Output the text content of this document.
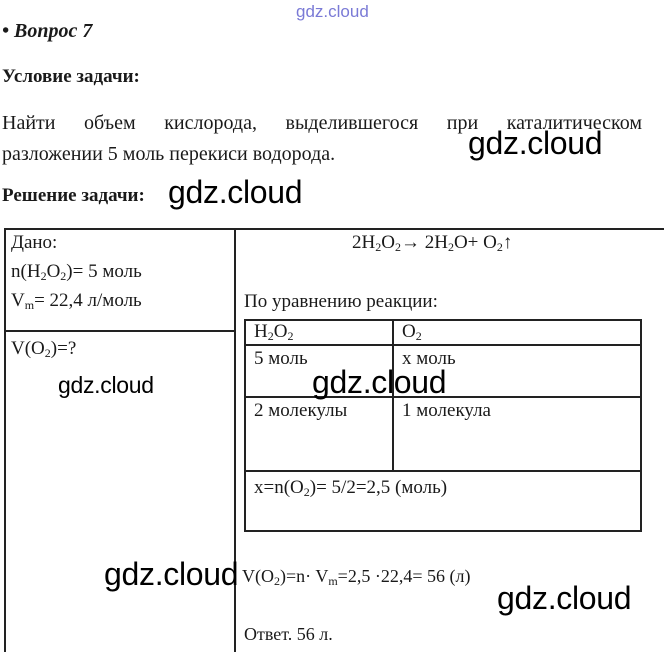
gdz.cloud
• Вопрос 7
Условие задачи:
Найти объем кислорода, выделившегося при каталитическом
разложении 5 моль перекиси водорода.	gdz.cloud
Решение задачи: gdz.cloud
Дано:
$n(H_2O_2)= 5$ моль
$V_m= 22,4$ л/моль
$V(O_2)=$?
gdz.cloud
$2H_2O_2\to 2H_2O+$ $O_2↑$
По уравнению реакции:
$H_2O_2$	$O_2$
5 моль	x моль
gdz.cloud
2 молекулы	1 молекула
$x=n(O_2)= 5/2=2,5$ (моль)
gdz.cloud $V(O_2)=n\cdot V_m=2,5 \cdot 22,4= 56$ (л)
gdz.cloud
Ответ. 56 л.
